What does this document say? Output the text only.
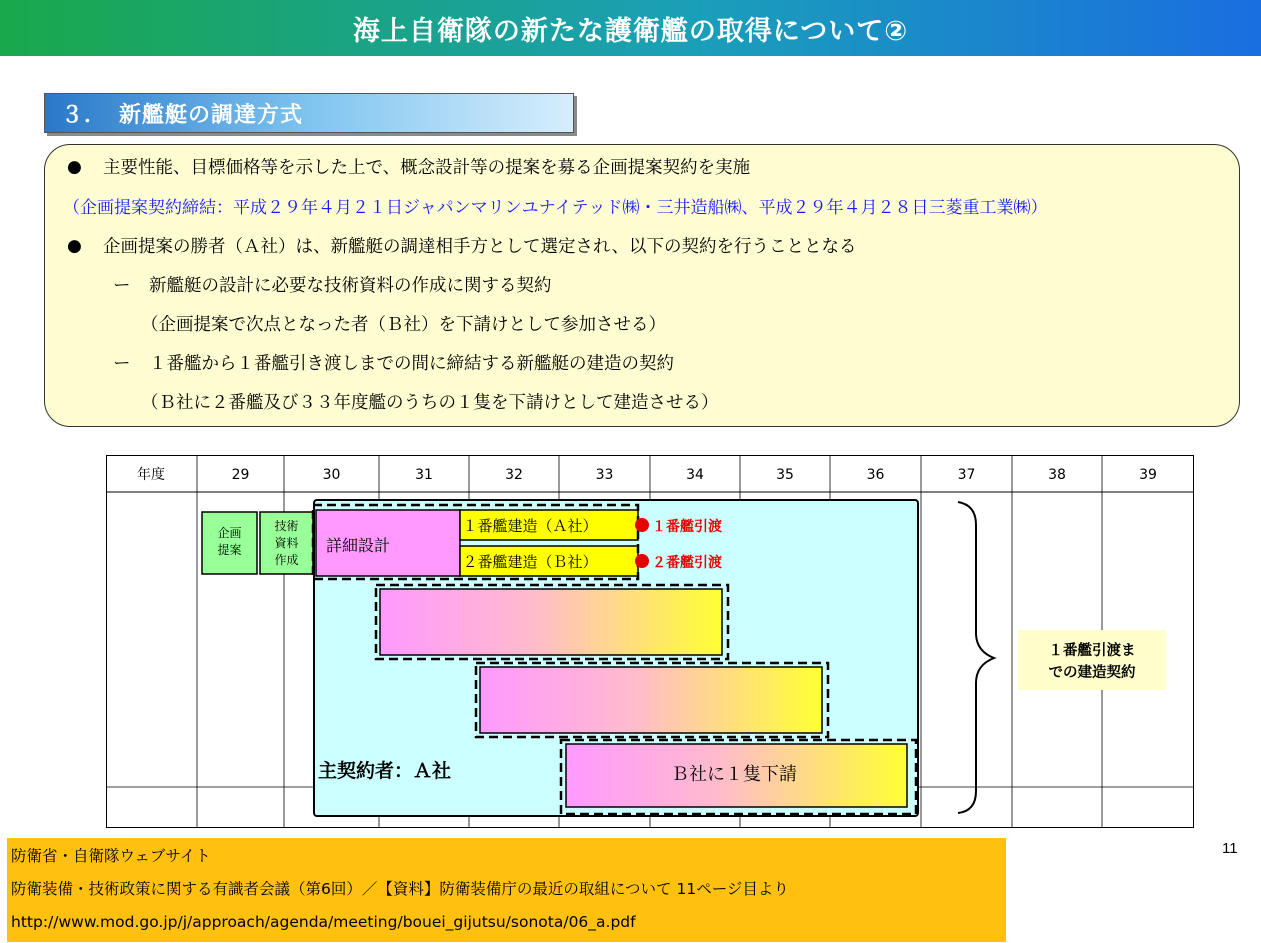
海上自衛隊の新たな護衛艦の取得について②
３．　新艦艇の調達方式
● 主要性能、目標価格等を示した上で、概念設計等の提案を募る企画提案契約を実施
（企画提案契約締結：平成２９年４月２１日ジャパンマリンユナイテッド㈱・三井造船㈱、平成２９年４月２８日三菱重工業㈱）
● 企画提案の勝者（Ａ社）は、新艦艇の調達相手方として選定され、以下の契約を行うこととなる
ー 新艦艇の設計に必要な技術資料の作成に関する契約
（企画提案で次点となった者（Ｂ社）を下請けとして参加させる）
ー １番艦から１番艦引き渡しまでの間に締結する新艦艇の建造の契約
（Ｂ社に２番艦及び３３年度艦のうちの１隻を下請けとして建造させる）
年度	29	30	31	32	33	34	35	36	37	38	39
企画
提案
技術
資料
作成
詳細設計
１番艦建造（Ａ社）
２番艦建造（Ｂ社）
１番艦引渡
２番艦引渡
Ｂ社に１隻下請
主契約者：Ａ社
１番艦引渡ま
での建造契約
防衛省・自衛隊ウェブサイト
防衛装備・技術政策に関する有識者会議（第6回）／【資料】防衛装備庁の最近の取組について 11ページ目より
http://www.mod.go.jp/j/approach/agenda/meeting/bouei_gijutsu/sonota/06_a.pdf
11
